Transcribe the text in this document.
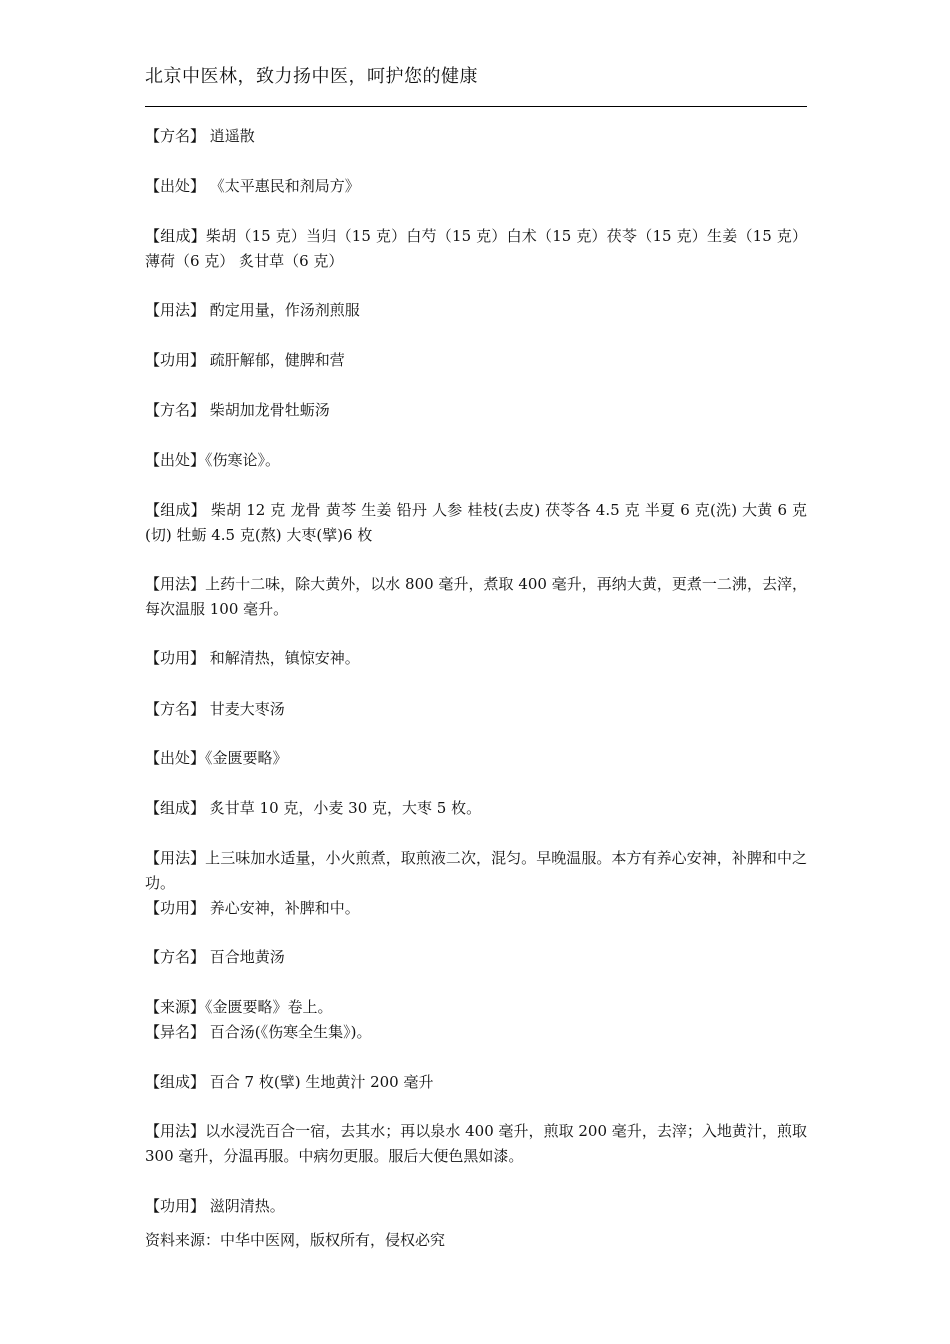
北京中医林，致力扬中医，呵护您的健康
【方名】 逍遥散
【出处】 《太平惠民和剂局方》
【组成】柴胡（15 克）当归（15 克）白芍（15 克）白术（15 克）茯苓（15 克）生姜（15 克）薄荷（6 克） 炙甘草（6 克）
【用法】 酌定用量，作汤剂煎服
【功用】 疏肝解郁，健脾和营
【方名】 柴胡加龙骨牡蛎汤
【出处】《伤寒论》。
【组成】 柴胡 12 克 龙骨 黄芩 生姜 铅丹 人参 桂枝(去皮) 茯苓各 4.5 克 半夏 6 克(洗) 大黄 6 克(切) 牡蛎 4.5 克(熬) 大枣(擘)6 枚
【用法】上药十二味，除大黄外，以水 800 毫升，煮取 400 毫升，再纳大黄，更煮一二沸，去滓，每次温服 100 毫升。
【功用】 和解清热，镇惊安神。
【方名】 甘麦大枣汤
【出处】《金匮要略》
【组成】 炙甘草 10 克，小麦 30 克，大枣 5 枚。
【用法】上三味加水适量，小火煎煮，取煎液二次，混匀。早晚温服。本方有养心安神，补脾和中之功。
【功用】 养心安神，补脾和中。
【方名】 百合地黄汤
【来源】《金匮要略》卷上。
【异名】 百合汤(《伤寒全生集》)。
【组成】 百合 7 枚(擘) 生地黄汁 200 毫升
【用法】以水浸洗百合一宿，去其水；再以泉水 400 毫升，煎取 200 毫升，去滓；入地黄汁，煎取 300 毫升，分温再服。中病勿更服。服后大便色黑如漆。
【功用】 滋阴清热。
资料来源：中华中医网，版权所有，侵权必究
